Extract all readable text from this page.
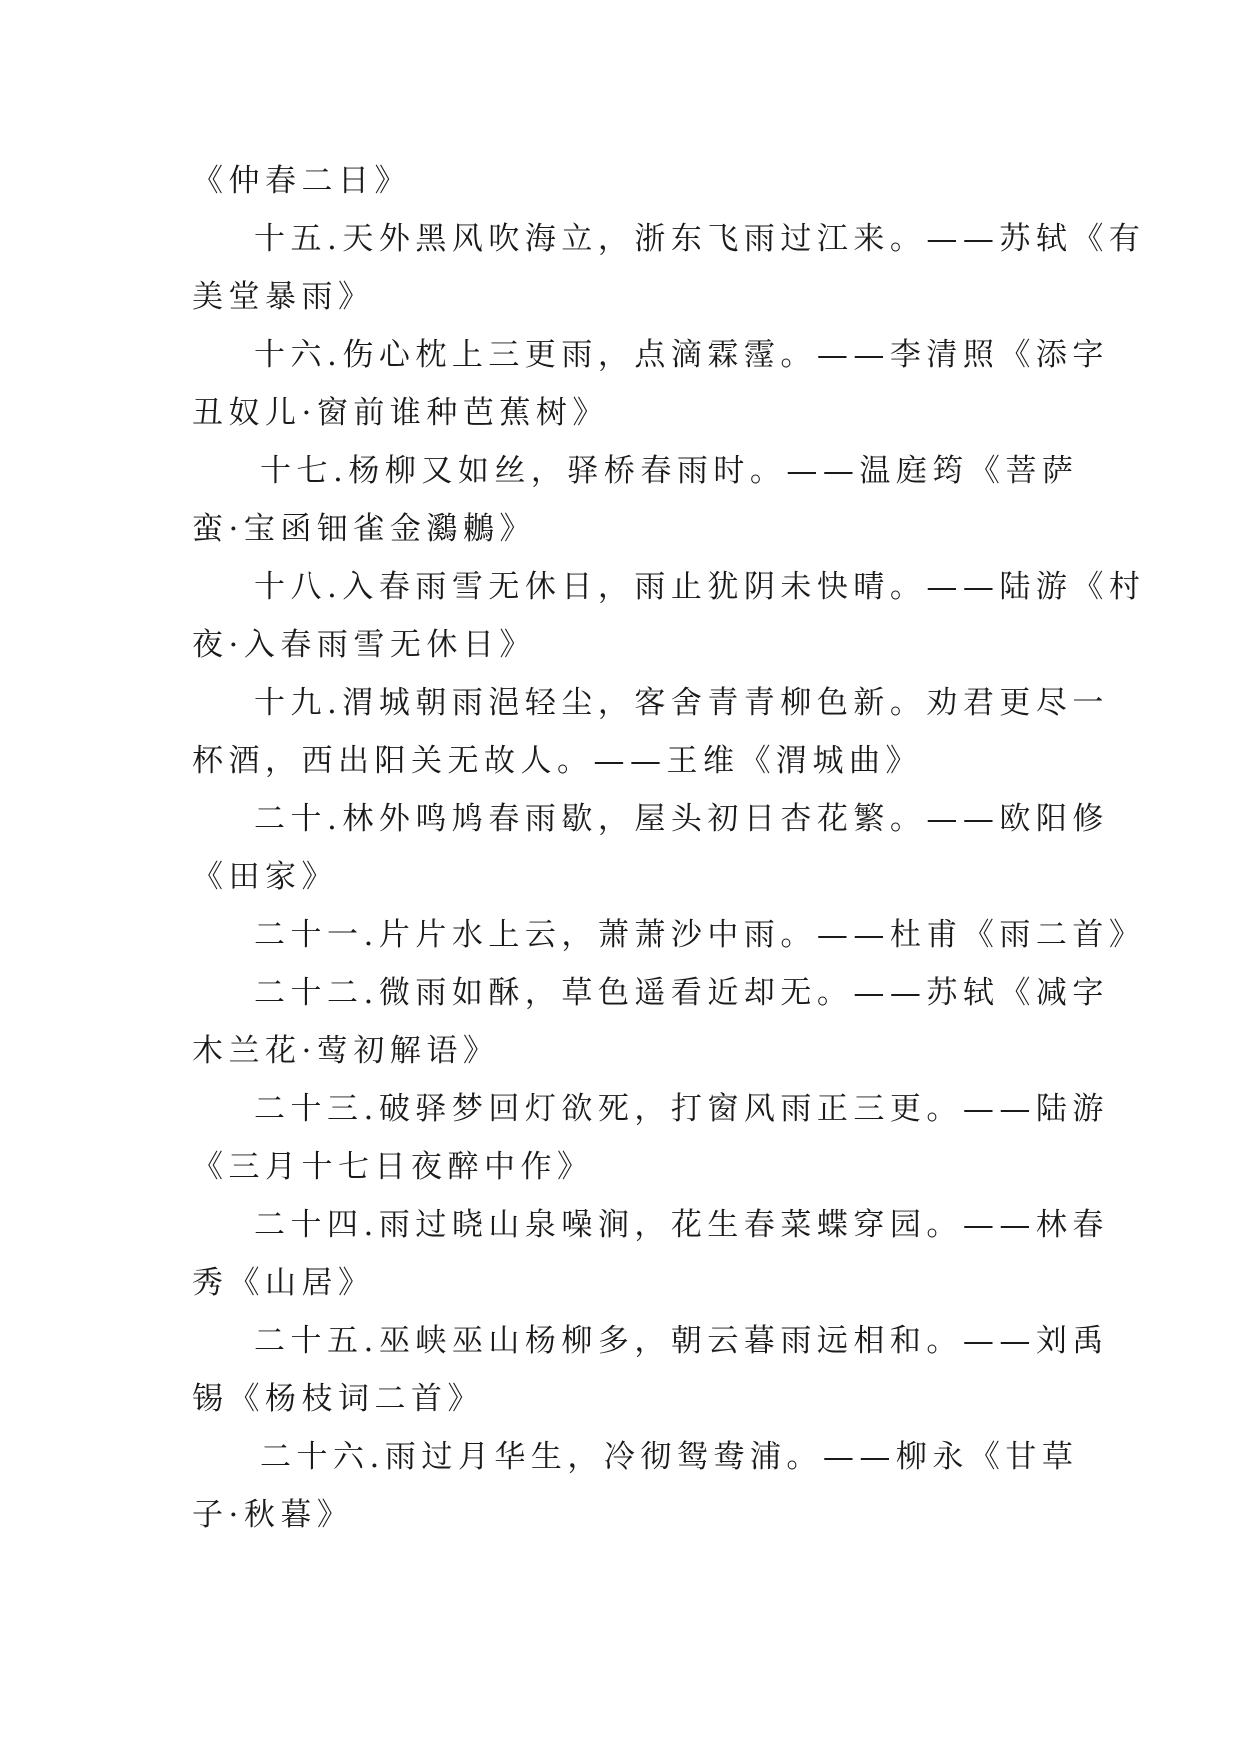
《仲春二日》
十五.天外黑风吹海立，浙东飞雨过江来。——苏轼《有
美堂暴雨》
十六.伤心枕上三更雨，点滴霖霪。——李清照《添字
丑奴儿·窗前谁种芭蕉树》
十七.杨柳又如丝，驿桥春雨时。——温庭筠《菩萨
蛮·宝函钿雀金鸂鶒》
十八.入春雨雪无休日，雨止犹阴未快晴。——陆游《村
夜·入春雨雪无休日》
十九.渭城朝雨浥轻尘，客舍青青柳色新。劝君更尽一
杯酒，西出阳关无故人。——王维《渭城曲》
二十.林外鸣鸠春雨歇，屋头初日杏花繁。——欧阳修
《田家》
二十一.片片水上云，萧萧沙中雨。——杜甫《雨二首》
二十二.微雨如酥，草色遥看近却无。——苏轼《减字
木兰花·莺初解语》
二十三.破驿梦回灯欲死，打窗风雨正三更。——陆游
《三月十七日夜醉中作》
二十四.雨过晓山泉噪涧，花生春菜蝶穿园。——林春
秀《山居》
二十五.巫峡巫山杨柳多，朝云暮雨远相和。——刘禹
锡《杨枝词二首》
二十六.雨过月华生，冷彻鸳鸯浦。——柳永《甘草
子·秋暮》
